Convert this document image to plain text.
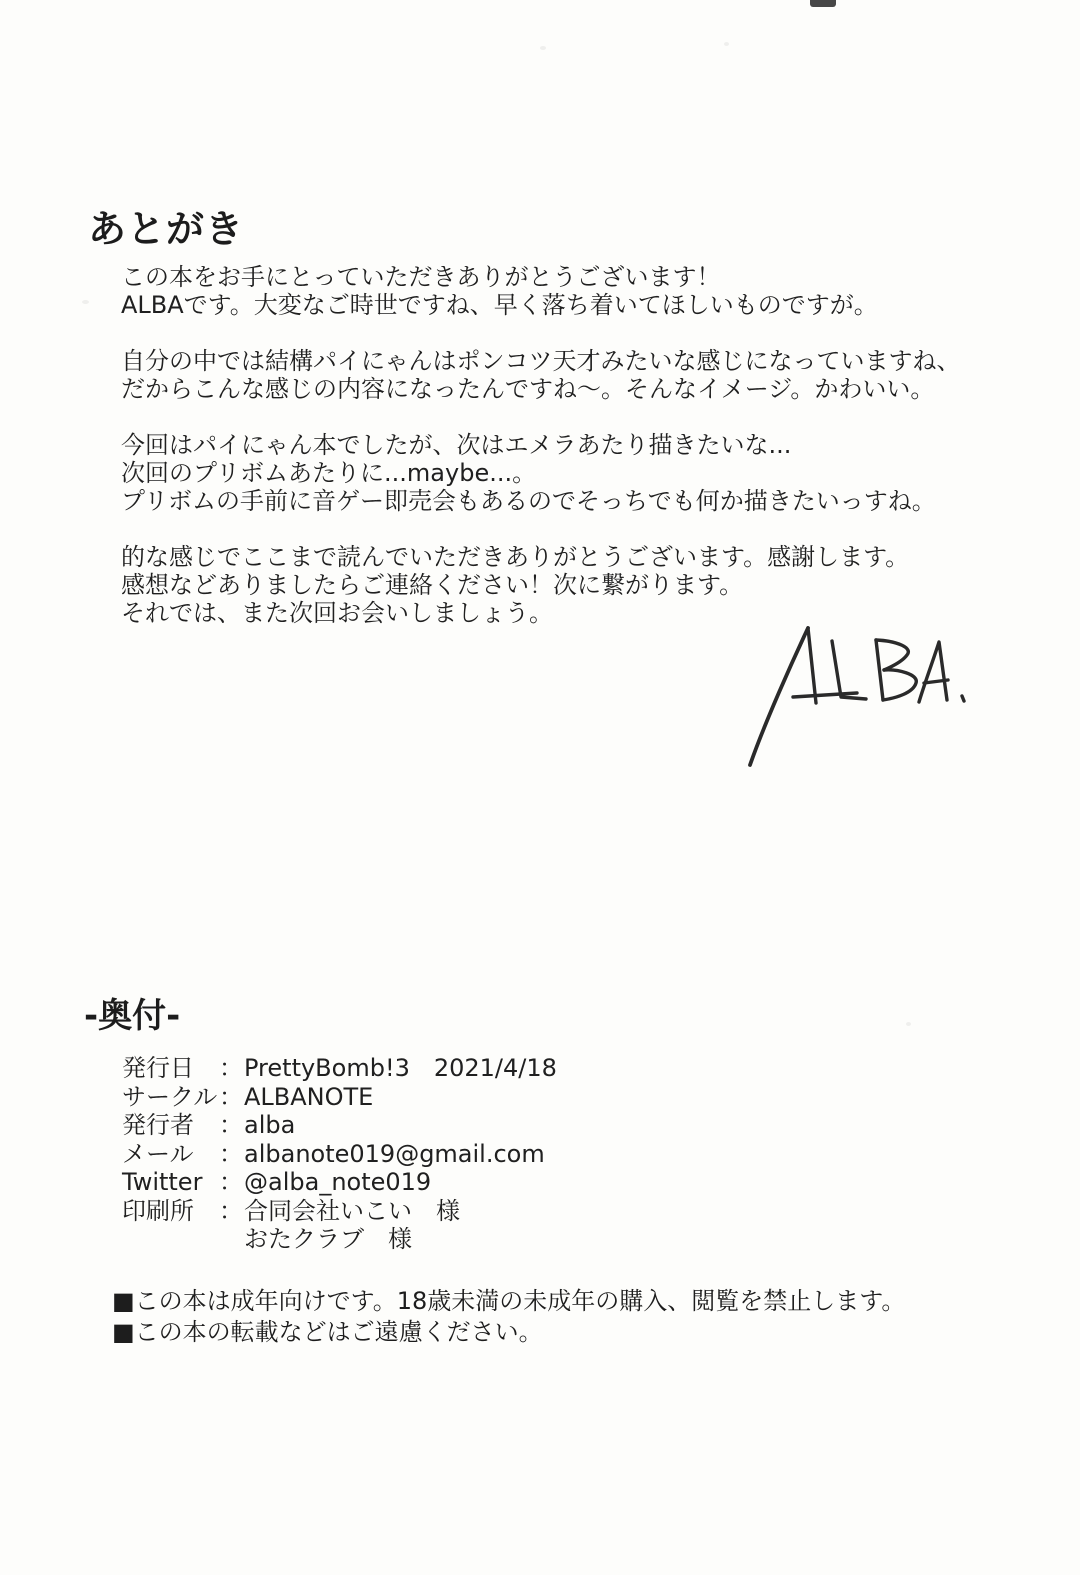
あとがき
この本をお手にとっていただきありがとうございます！
ALBAです。大変なご時世ですね、早く落ち着いてほしいものですが。
自分の中では結構パイにゃんはポンコツ天才みたいな感じになっていますね、
だからこんな感じの内容になったんですね～。そんなイメージ。かわいい。
今回はパイにゃん本でしたが、次はエメラあたり描きたいな...
次回のプリボムあたりに...maybe...。
プリボムの手前に音ゲー即売会もあるのでそっちでも何か描きたいっすね。
的な感じでここまで読んでいただきありがとうございます。感謝します。
感想などありましたらご連絡ください！次に繋がります。
それでは、また次回お会いしましょう。
-奥付-
発行日	： PrettyBomb!3　2021/4/18
サークル ： ALBANOTE
発行者	： alba
メール	： albanote019@gmail.com
Twitter ： @alba_note019
印刷所	： 合同会社いこい　様
おたクラブ　様
■この本は成年向けです。18歳未満の未成年の購入、閲覧を禁止します。
■この本の転載などはご遠慮ください。
